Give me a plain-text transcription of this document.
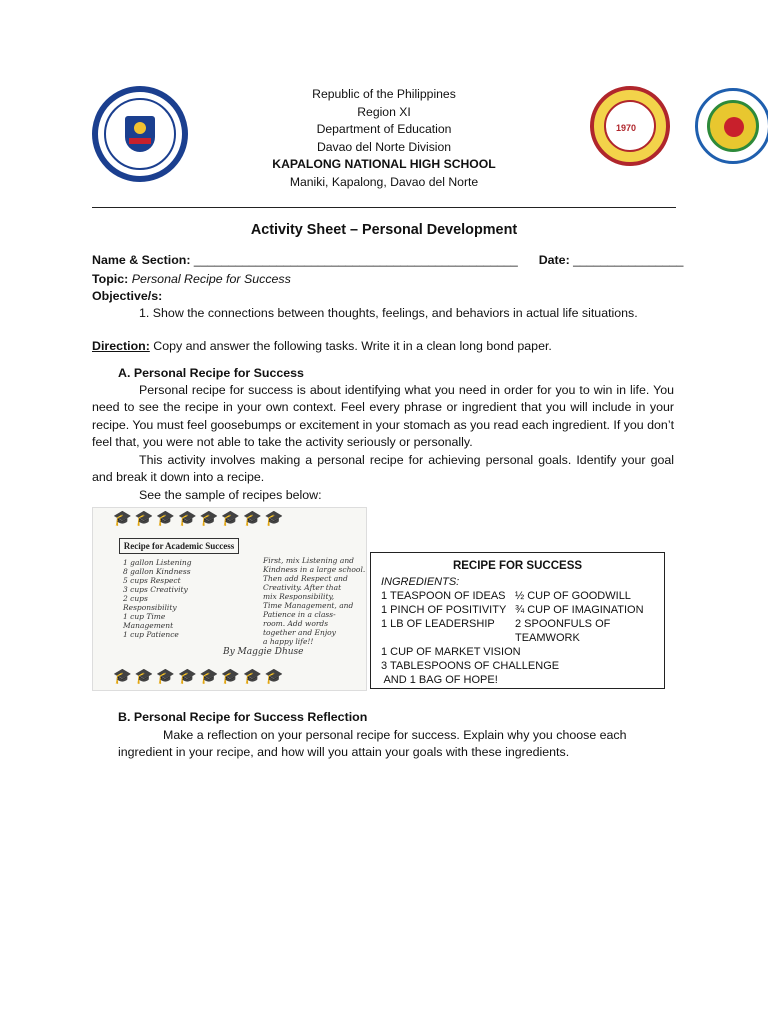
Republic of the Philippines
Region XI
Department of Education
Davao del Norte Division
KAPALONG NATIONAL HIGH SCHOOL
Maniki, Kapalong, Davao del Norte
1970
Activity Sheet – Personal Development
Name & Section: _______________________________________________ Date: ________________
Topic: Personal Recipe for Success
Objective/s:
1. Show the connections between thoughts, feelings, and behaviors in actual life situations.
Direction: Copy and answer the following tasks. Write it in a clean long bond paper.
A. Personal Recipe for Success
Personal recipe for success is about identifying what you need in order for you to win in life. You need to see the recipe in your own context. Feel every phrase or ingredient that you will include in your recipe. You must feel goosebumps or excitement in your stomach as you read each ingredient. If you don’t feel that, you were not able to take the activity seriously or personally.
This activity involves making a personal recipe for achieving personal goals. Identify your goal and break it down into a recipe.
See the sample of recipes below:
🎓🎓🎓🎓🎓🎓🎓🎓
Recipe for Academic Success
1 gallon Listening
8 gallon Kindness
5 cups Respect
3 cups Creativity
2 cups Responsibility
1 cup Time Management
1 cup Patience
First, mix Listening and
Kindness in a large school.
Then add Respect and
Creativity. After that
mix Responsibility,
Time Management, and
Patience in a class-
room. Add words
together and Enjoy
a happy life!!
By Maggie Dhuse
🎓🎓🎓🎓🎓🎓🎓🎓
RECIPE FOR SUCCESS
INGREDIENTS:
1 TEASPOON OF IDEAS ½ CUP OF GOODWILL
1 PINCH OF POSITIVITY ¾ CUP OF IMAGINATION
1 LB OF LEADERSHIP	2 SPOONFULS OF
TEAMWORK
1 CUP OF MARKET VISION
3 TABLESPOONS OF CHALLENGE
AND 1 BAG OF HOPE!
B. Personal Recipe for Success Reflection
Make a reflection on your personal recipe for success. Explain why you choose each ingredient in your recipe, and how will you attain your goals with these ingredients.
